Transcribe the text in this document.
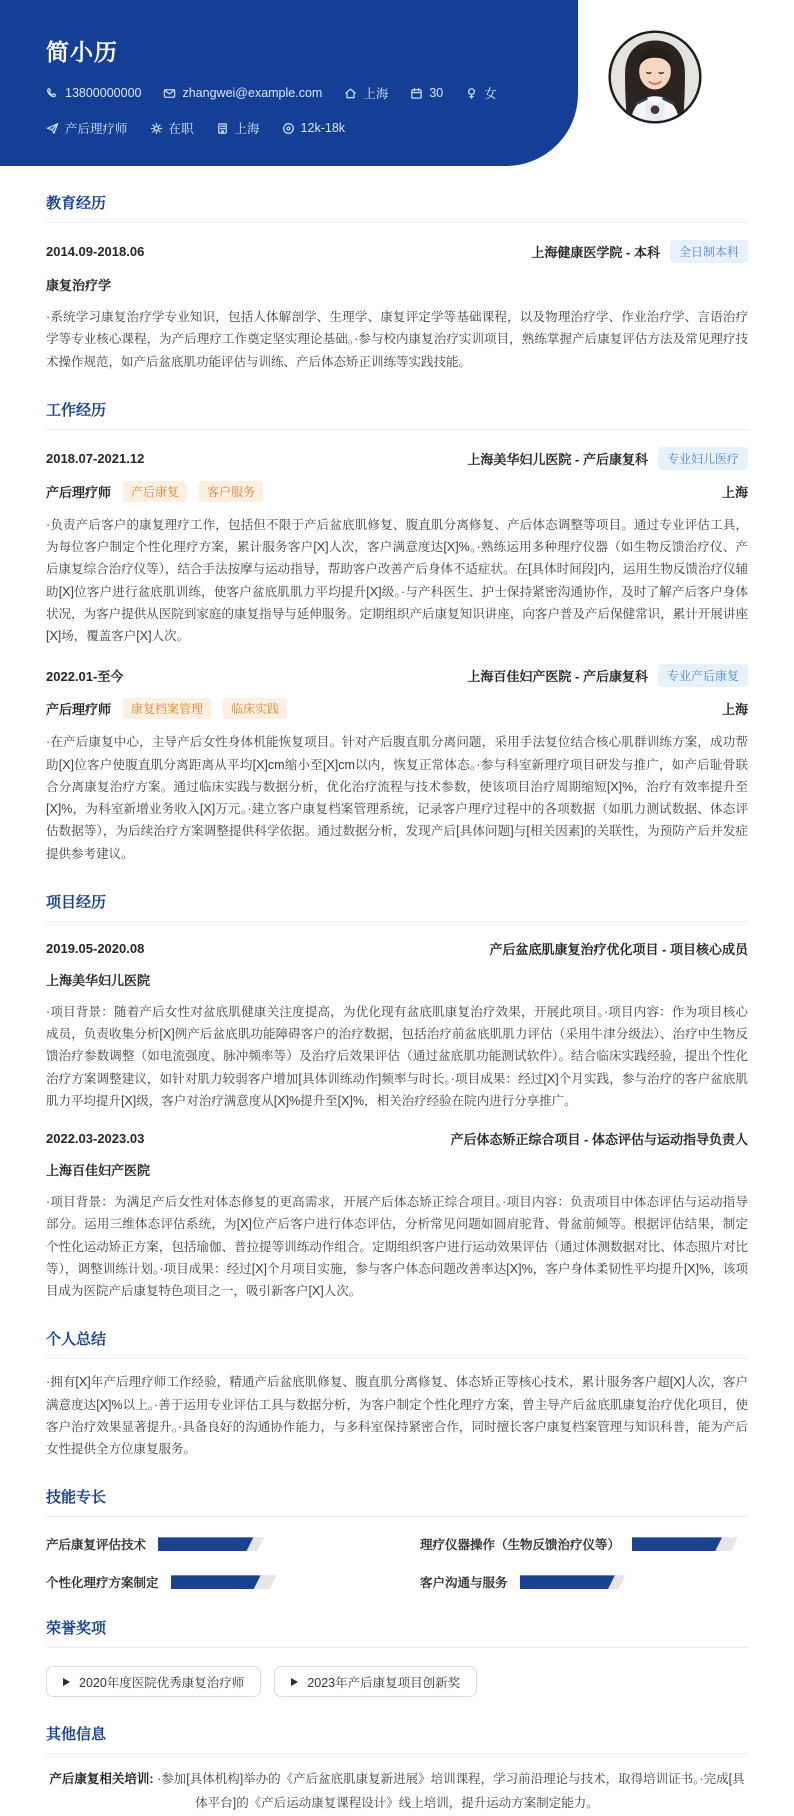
简小历
13800000000	zhangwei@example.com	上海	30	女
产后理疗师	在职	上海	12k-18k
教育经历
2014.09-2018.06	上海健康医学院 - 本科	全日制本科
康复治疗学

·系统学习康复治疗学专业知识，包括人体解剖学、生理学、康复评定学等基础课程，以及物理治疗学、作业治疗学、言语治疗学等专业核心课程，为产后理疗工作奠定坚实理论基础。·参与校内康复治疗实训项目，熟练掌握产后康复评估方法及常见理疗技术操作规范，如产后盆底肌功能评估与训练、产后体态矫正训练等实践技能。

工作经历
2018.07-2021.12	上海美华妇儿医院 - 产后康复科	专业妇儿医疗
产后理疗师	产后康复	客户服务	上海

·负责产后客户的康复理疗工作，包括但不限于产后盆底肌修复、腹直肌分离修复、产后体态调整等项目。通过专业评估工具，为每位客户制定个性化理疗方案，累计服务客户[X]人次，客户满意度达[X]%。·熟练运用多种理疗仪器（如生物反馈治疗仪、产后康复综合治疗仪等），结合手法按摩与运动指导，帮助客户改善产后身体不适症状。在[具体时间段]内，运用生物反馈治疗仪辅助[X]位客户进行盆底肌训练，使客户盆底肌肌力平均提升[X]级。·与产科医生、护士保持紧密沟通协作，及时了解产后客户身体状况，为客户提供从医院到家庭的康复指导与延伸服务。定期组织产后康复知识讲座，向客户普及产后保健常识，累计开展讲座[X]场，覆盖客户[X]人次。

2022.01-至今	上海百佳妇产医院 - 产后康复科	专业产后康复
产后理疗师	康复档案管理	临床实践	上海

·在产后康复中心，主导产后女性身体机能恢复项目。针对产后腹直肌分离问题，采用手法复位结合核心肌群训练方案，成功帮助[X]位客户使腹直肌分离距离从平均[X]cm缩小至[X]cm以内，恢复正常体态。·参与科室新理疗项目研发与推广，如产后耻骨联合分离康复治疗方案。通过临床实践与数据分析，优化治疗流程与技术参数，使该项目治疗周期缩短[X]%，治疗有效率提升至[X]%，为科室新增业务收入[X]万元。·建立客户康复档案管理系统，记录客户理疗过程中的各项数据（如肌力测试数据、体态评估数据等），为后续治疗方案调整提供科学依据。通过数据分析，发现产后[具体问题]与[相关因素]的关联性，为预防产后并发症提供参考建议。

项目经历
2019.05-2020.08	产后盆底肌康复治疗优化项目 - 项目核心成员
上海美华妇儿医院

·项目背景：随着产后女性对盆底肌健康关注度提高，为优化现有盆底肌康复治疗效果，开展此项目。·项目内容：作为项目核心成员，负责收集分析[X]例产后盆底肌功能障碍客户的治疗数据，包括治疗前盆底肌肌力评估（采用牛津分级法）、治疗中生物反馈治疗参数调整（如电流强度、脉冲频率等）及治疗后效果评估（通过盆底肌功能测试软件）。结合临床实践经验，提出个性化治疗方案调整建议，如针对肌力较弱客户增加[具体训练动作]频率与时长。·项目成果：经过[X]个月实践，参与治疗的客户盆底肌肌力平均提升[X]级，客户对治疗满意度从[X]%提升至[X]%，相关治疗经验在院内进行分享推广。

2022.03-2023.03	产后体态矫正综合项目 - 体态评估与运动指导负责人
上海百佳妇产医院

·项目背景：为满足产后女性对体态修复的更高需求，开展产后体态矫正综合项目。·项目内容：负责项目中体态评估与运动指导部分。运用三维体态评估系统，为[X]位产后客户进行体态评估，分析常见问题如圆肩驼背、骨盆前倾等。根据评估结果，制定个性化运动矫正方案，包括瑜伽、普拉提等训练动作组合。定期组织客户进行运动效果评估（通过体测数据对比、体态照片对比等），调整训练计划。·项目成果：经过[X]个月项目实施，参与客户体态问题改善率达[X]%，客户身体柔韧性平均提升[X]%，该项目成为医院产后康复特色项目之一，吸引新客户[X]人次。

个人总结

·拥有[X]年产后理疗师工作经验，精通产后盆底肌修复、腹直肌分离修复、体态矫正等核心技术，累计服务客户超[X]人次，客户满意度达[X]%以上。·善于运用专业评估工具与数据分析，为客户制定个性化理疗方案，曾主导产后盆底肌康复治疗优化项目，使客户治疗效果显著提升。·具备良好的沟通协作能力，与多科室保持紧密合作，同时擅长客户康复档案管理与知识科普，能为产后女性提供全方位康复服务。

技能专长
产后康复评估技术	理疗仪器操作（生物反馈治疗仪等）
个性化理疗方案制定	客户沟通与服务
荣誉奖项
2020年度医院优秀康复治疗师	2023年产后康复项目创新奖
其他信息

产后康复相关培训: ·参加[具体机构]举办的《产后盆底肌康复新进展》培训课程，学习前沿理论与技术，取得培训证书。·完成[具体平台]的《产后运动康复课程设计》线上培训，提升运动方案制定能力。
